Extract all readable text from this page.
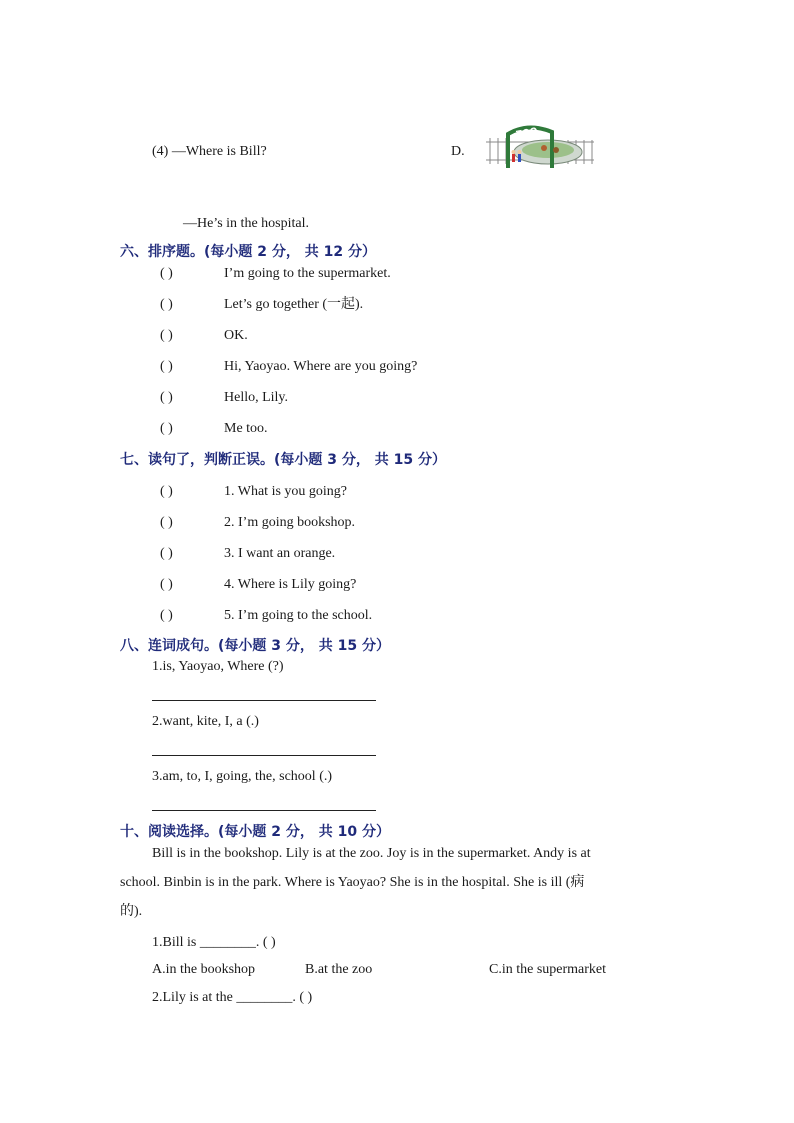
(4) —Where is Bill?	D.
ZOO
—He’s in the hospital.
六、排序题。(每小题 2 分， 共 12 分）
( )	I’m going to the supermarket.
( )	Let’s go together (一起).
( )	OK.
( )	Hi, Yaoyao. Where are you going?
( )	Hello, Lily.
( )	Me too.
七、读句了，判断正误。(每小题 3 分， 共 15 分）
( )	1. What is you going?
( )	2. I’m going bookshop.
( )	3. I want an orange.
( )	4. Where is Lily going?
( )	5. I’m going to the school.
八、连词成句。(每小题 3 分， 共 15 分）
1.is, Yaoyao, Where (?)
2.want, kite, I, a (.)
3.am, to, I, going, the, school (.)
十、阅读选择。(每小题 2 分， 共 10 分）
Bill is in the bookshop. Lily is at the zoo. Joy is in the supermarket. Andy is at
school. Binbin is in the park. Where is Yaoyao? She is in the hospital. She is ill (病
的).
1.Bill is ________. ( )
A.in the bookshop	B.at the zoo	C.in the supermarket
2.Lily is at the ________. ( )
